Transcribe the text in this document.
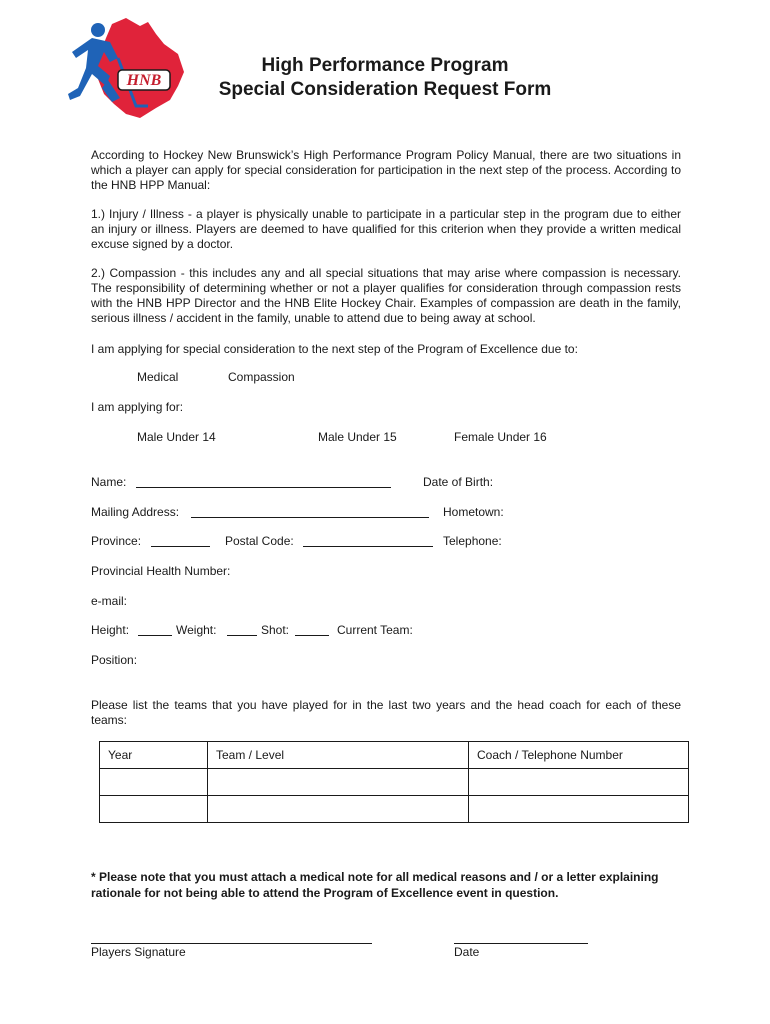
HNB
High Performance Program
Special Consideration Request Form
According to Hockey New Brunswick’s High Performance Program Policy Manual, there are two situations in which a player can apply for special consideration for participation in the next step of the process. According to the HNB HPP Manual:
1.) Injury / Illness - a player is physically unable to participate in a particular step in the program due to either an injury or illness. Players are deemed to have qualified for this criterion when they provide a written medical excuse signed by a doctor.
2.) Compassion - this includes any and all special situations that may arise where compassion is necessary. The responsibility of determining whether or not a player qualifies for consideration through compassion rests with the HNB HPP Director and the HNB Elite Hockey Chair. Examples of compassion are death in the family, serious illness / accident in the family, unable to attend due to being away at school.
I am applying for special consideration to the next step of the Program of Excellence due to:
Medical	Compassion
I am applying for:
Male Under 14	Male Under 15	Female Under 16
Name:	Date of Birth:
Mailing Address:	Hometown:
Province:	Postal Code:	Telephone:
Provincial Health Number:
e-mail:
Height:	Weight:	Shot:	Current Team:
Position:
Please list the teams that you have played for in the last two years and the head coach for each of these teams:
Year	Team / Level	Coach / Telephone Number

* Please note that you must attach a medical note for all medical reasons and / or a letter explaining rationale for not being able to attend the Program of Excellence event in question.
Players Signature	Date
